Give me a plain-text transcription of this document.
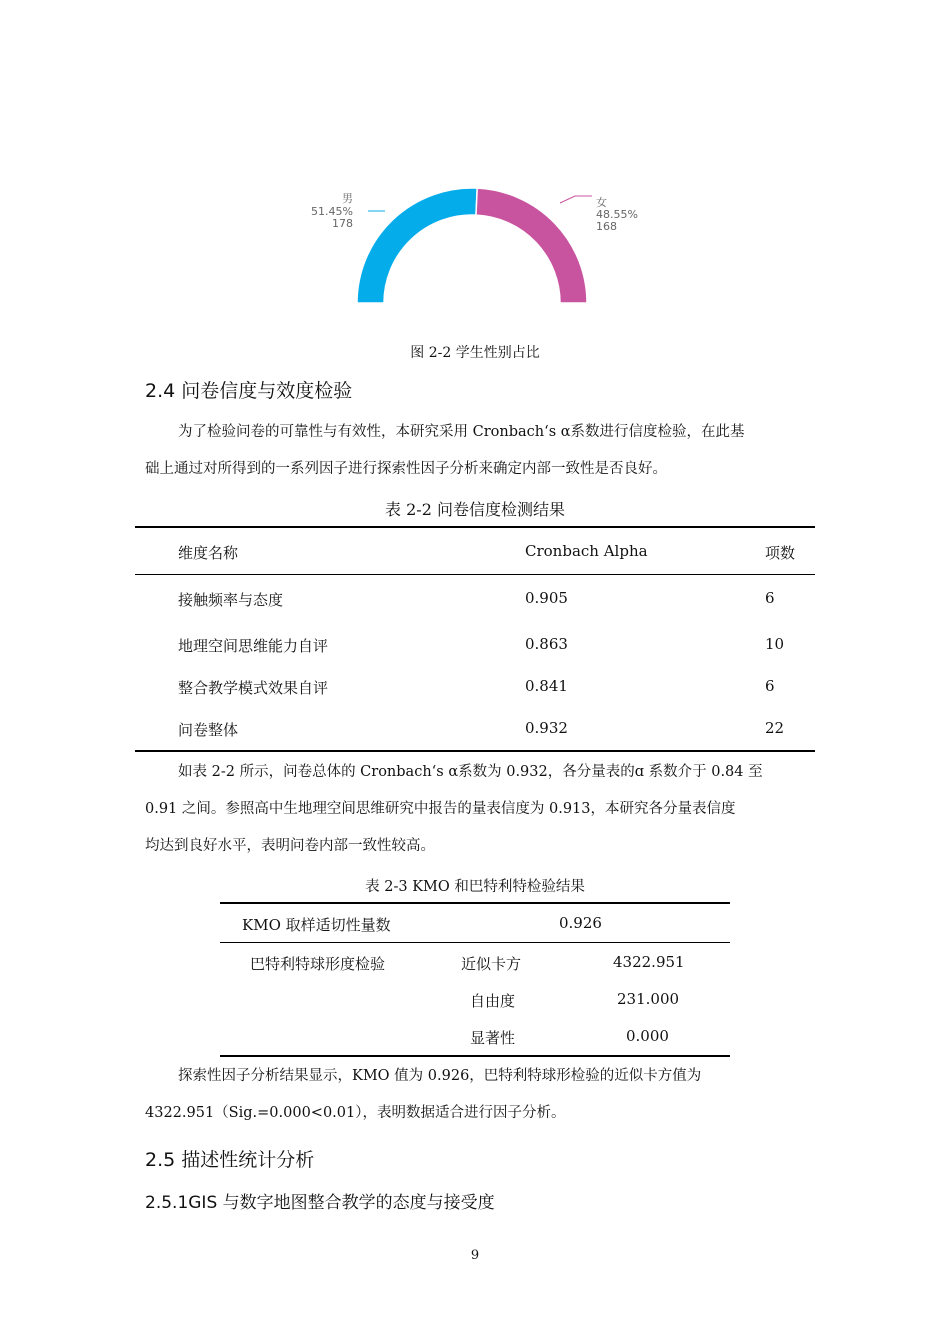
男
51.45%
178
女
48.55%
168
图 2-2 学生性别占比
2.4 问卷信度与效度检验
为了检验问卷的可靠性与有效性，本研究采用 Cronbach‘s α系数进行信度检验，在此基
础上通过对所得到的一系列因子进行探索性因子分析来确定内部一致性是否良好。
表 2-2 问卷信度检测结果
维度名称	Cronbach Alpha	项数
接触频率与态度	0.905	6
地理空间思维能力自评	0.863	10
整合教学模式效果自评	0.841	6
问卷整体	0.932	22
如表 2-2 所示，问卷总体的 Cronbach‘s α系数为 0.932，各分量表的ɑ 系数介于 0.84 至
0.91 之间。参照高中生地理空间思维研究中报告的量表信度为 0.913，本研究各分量表信度
均达到良好水平，表明问卷内部一致性较高。
表 2-3 KMO 和巴特利特检验结果
KMO 取样适切性量数	0.926
巴特利特球形度检验	近似卡方	4322.951
自由度	231.000
显著性	0.000
探索性因子分析结果显示，KMO 值为 0.926，巴特利特球形检验的近似卡方值为
4322.951（Sig.=0.000<0.01），表明数据适合进行因子分析。
2.5 描述性统计分析
2.5.1GIS 与数字地图整合教学的态度与接受度
9
